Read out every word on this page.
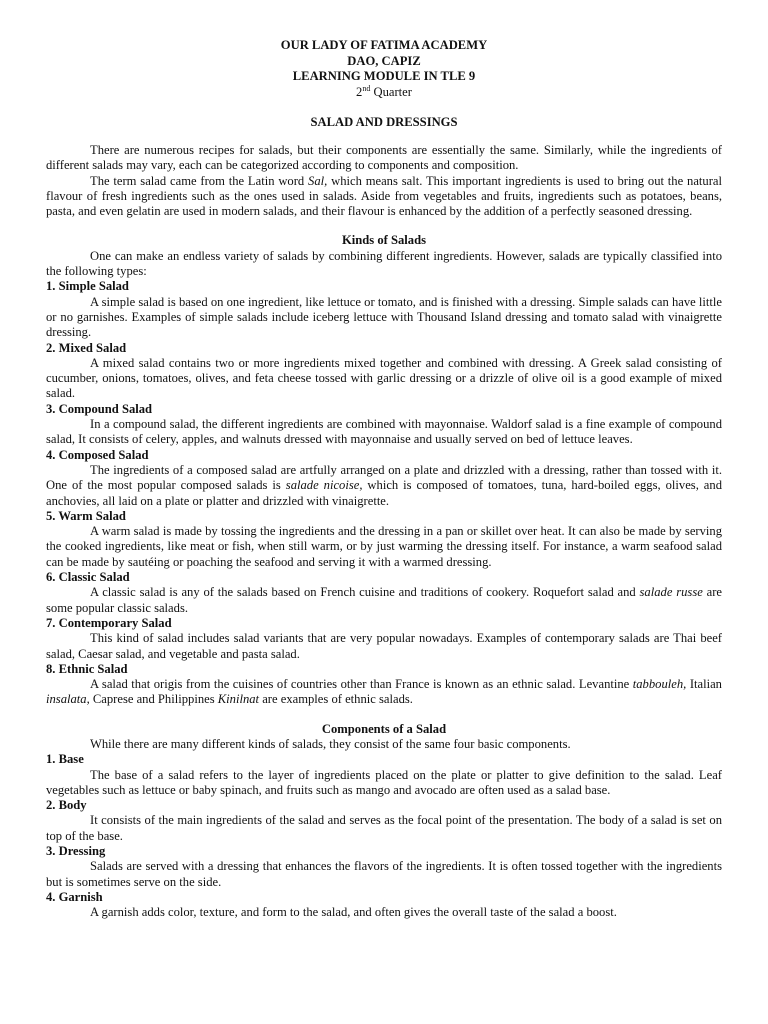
OUR LADY OF FATIMA ACADEMY
DAO, CAPIZ
LEARNING MODULE IN TLE 9
2nd Quarter
SALAD AND DRESSINGS

There are numerous recipes for salads, but their components are essentially the same. Similarly, while the ingredients of different salads may vary, each can be categorized according to components and composition.

The term salad came from the Latin word Sal, which means salt. This important ingredients is used to bring out the natural flavour of fresh ingredients such as the ones used in salads. Aside from vegetables and fruits, ingredients such as potatoes, beans, pasta, and even gelatin are used in modern salads, and their flavour is enhanced by the addition of a perfectly seasoned dressing.

Kinds of Salads

One can make an endless variety of salads by combining different ingredients. However, salads are typically classified into the following types:

1. Simple Salad

A simple salad is based on one ingredient, like lettuce or tomato, and is finished with a dressing. Simple salads can have little or no garnishes. Examples of simple salads include iceberg lettuce with Thousand Island dressing and tomato salad with vinaigrette dressing.

2. Mixed Salad

A mixed salad contains two or more ingredients mixed together and combined with dressing. A Greek salad consisting of cucumber, onions, tomatoes, olives, and feta cheese tossed with garlic dressing or a drizzle of olive oil is a good example of mixed salad.

3. Compound Salad

In a compound salad, the different ingredients are combined with mayonnaise. Waldorf salad is a fine example of compound salad, It consists of celery, apples, and walnuts dressed with mayonnaise and usually served on bed of lettuce leaves.

4. Composed Salad

The ingredients of a composed salad are artfully arranged on a plate and drizzled with a dressing, rather than tossed with it. One of the most popular composed salads is salade nicoise, which is composed of tomatoes, tuna, hard-boiled eggs, olives, and anchovies, all laid on a plate or platter and drizzled with vinaigrette.

5. Warm Salad

A warm salad is made by tossing the ingredients and the dressing in a pan or skillet over heat. It can also be made by serving the cooked ingredients, like meat or fish, when still warm, or by just warming the dressing itself. For instance, a warm seafood salad can be made by sautéing or poaching the seafood and serving it with a warmed dressing.

6. Classic Salad

A classic salad is any of the salads based on French cuisine and traditions of cookery. Roquefort salad and salade russe are some popular classic salads.

7. Contemporary Salad

This kind of salad includes salad variants that are very popular nowadays. Examples of contemporary salads are Thai beef salad, Caesar salad, and vegetable and pasta salad.

8. Ethnic Salad

A salad that origis from the cuisines of countries other than France is known as an ethnic salad. Levantine tabbouleh, Italian insalata, Caprese and Philippines Kinilnat are examples of ethnic salads.

Components of a Salad

While there are many different kinds of salads, they consist of the same four basic components.

1. Base

The base of a salad refers to the layer of ingredients placed on the plate or platter to give definition to the salad. Leaf vegetables such as lettuce or baby spinach, and fruits such as mango and avocado are often used as a salad base.

2. Body

It consists of the main ingredients of the salad and serves as the focal point of the presentation. The body of a salad is set on top of the base.

3. Dressing

Salads are served with a dressing that enhances the flavors of the ingredients. It is often tossed together with the ingredients but is sometimes serve on the side.

4. Garnish

A garnish adds color, texture, and form to the salad, and often gives the overall taste of the salad a boost.
